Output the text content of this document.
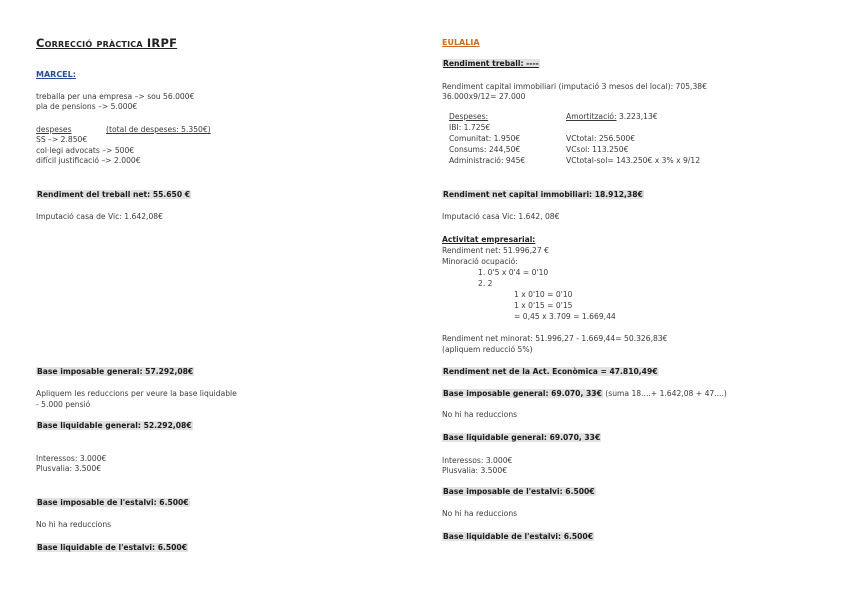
Correcció pràctica IRPF
MARCEL:
treballa per una empresa –> sou 56.000€
pla de pensions –> 5.000€
despeses	(total de despeses: 5.350€)
SS –> 2.850€
col·legi advocats –> 500€
difícil justificació –> 2.000€
Rendiment del treball net: 55.650 €
Imputació casa de Vic: 1.642,08€
Base imposable general: 57.292,08€
Apliquem les reduccions per veure la base liquidable
- 5.000 pensió
Base liquidable general: 52.292,08€
Interessos: 3.000€
Plusvalia: 3.500€
Base imposable de l'estalvi: 6.500€
No hi ha reduccions
Base liquidable de l'estalvi: 6.500€
EULALIA
Rendiment treball: ----
Rendiment capital immobiliari (imputació 3 mesos del local): 705,38€
36.000x9/12= 27.000
Despeses:	Amortització: 3.223,13€
IBI: 1.725€
Comunitat: 1.950€
Consums: 244,50€
Administració: 945€
VCtotal: 256.500€
VCsol: 113.250€
VCtotal-sol= 143.250€ x 3% x 9/12
Rendiment net capital immobiliari: 18.912,38€
Imputació casa Vic: 1.642, 08€
Activitat empresarial:
Rendiment net: 51.996,27 €
Minoració ocupació:
1. 0'5 x 0'4 = 0'10
2. 2
1 x 0'10 = 0'10
1 x 0'15 = 0'15
= 0,45 x 3.709 = 1.669,44
Rendiment net minorat: 51.996,27 - 1.669,44= 50.326,83€
(apliquem reducció 5%)
Rendiment net de la Act. Econòmica = 47.810,49€
Base imposable general: 69.070, 33€ (suma 18....+ 1.642,08 + 47....)
No hi ha reduccions
Base liquidable general: 69.070, 33€
Interessos: 3.000€
Plusvalia: 3.500€
Base imposable de l'estalvi: 6.500€
No hi ha reduccions
Base liquidable de l'estalvi: 6.500€
